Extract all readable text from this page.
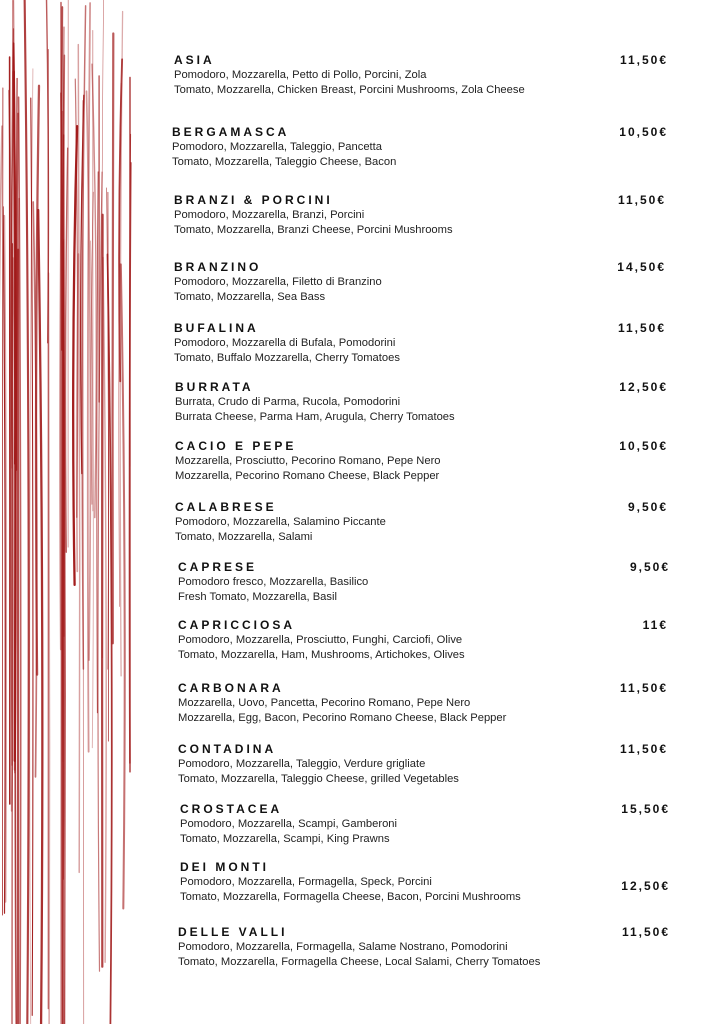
ASIA
Pomodoro, Mozzarella, Petto di Pollo, Porcini, Zola
Tomato, Mozzarella, Chicken Breast, Porcini Mushrooms, Zola Cheese
11,50€
BERGAMASCA
Pomodoro, Mozzarella, Taleggio, Pancetta
Tomato, Mozzarella, Taleggio Cheese, Bacon
10,50€
BRANZI & PORCINI
Pomodoro, Mozzarella, Branzi, Porcini
Tomato, Mozzarella, Branzi Cheese, Porcini Mushrooms
11,50€
BRANZINO
Pomodoro, Mozzarella, Filetto di Branzino
Tomato, Mozzarella, Sea Bass
14,50€
BUFALINA
Pomodoro, Mozzarella di Bufala, Pomodorini
Tomato, Buffalo Mozzarella, Cherry Tomatoes
11,50€
BURRATA
Burrata, Crudo di Parma, Rucola, Pomodorini
Burrata Cheese, Parma Ham, Arugula, Cherry Tomatoes
12,50€
CACIO E PEPE
Mozzarella, Prosciutto, Pecorino Romano, Pepe Nero
Mozzarella, Pecorino Romano Cheese, Black Pepper
10,50€
CALABRESE
Pomodoro, Mozzarella, Salamino Piccante
Tomato, Mozzarella, Salami
9,50€
CAPRESE
Pomodoro fresco, Mozzarella, Basilico
Fresh Tomato, Mozzarella, Basil
9,50€
CAPRICCIOSA
Pomodoro, Mozzarella, Prosciutto, Funghi, Carciofi, Olive
Tomato, Mozzarella, Ham, Mushrooms, Artichokes, Olives
11€
CARBONARA
Mozzarella, Uovo, Pancetta, Pecorino Romano, Pepe Nero
Mozzarella, Egg, Bacon, Pecorino Romano Cheese, Black Pepper
11,50€
CONTADINA
Pomodoro, Mozzarella, Taleggio, Verdure grigliate
Tomato, Mozzarella, Taleggio Cheese, grilled Vegetables
11,50€
CROSTACEA
Pomodoro, Mozzarella, Scampi, Gamberoni
Tomato, Mozzarella, Scampi, King Prawns
15,50€
DEI MONTI
Pomodoro, Mozzarella, Formagella, Speck, Porcini
Tomato, Mozzarella, Formagella Cheese, Bacon, Porcini Mushrooms
12,50€
DELLE VALLI
Pomodoro, Mozzarella, Formagella, Salame Nostrano, Pomodorini
Tomato, Mozzarella, Formagella Cheese, Local Salami, Cherry Tomatoes
11,50€
